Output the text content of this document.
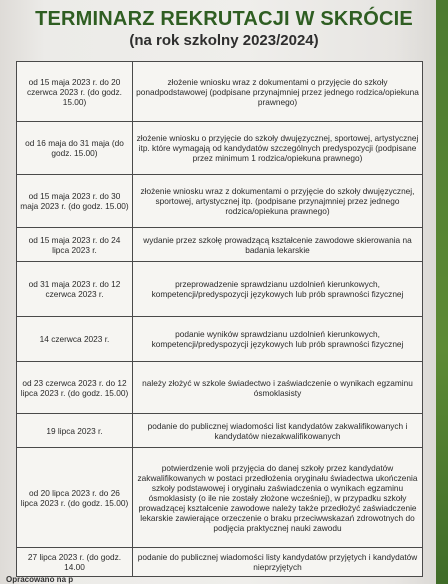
TERMINARZ REKRUTACJI W SKRÓCIE
(na rok szkolny 2023/2024)
od 15 maja 2023 r. do 20 czerwca 2023 r. (do godz. 15.00)	złożenie wniosku wraz z dokumentami o przyjęcie do szkoły ponadpodstawowej (podpisane przynajmniej przez jednego rodzica/opiekuna prawnego)
od 16 maja do 31 maja (do godz. 15.00)	złożenie wniosku o przyjęcie do szkoły dwujęzycznej, sportowej, artystycznej itp. które wymagają od kandydatów szczególnych predyspozycji (podpisane przez minimum 1 rodzica/opiekuna prawnego)
od 15 maja 2023 r. do 30 maja 2023 r. (do godz. 15.00)	złożenie wniosku wraz z dokumentami o przyjęcie do szkoły dwujęzycznej, sportowej, artystycznej itp. (podpisane przynajmniej przez jednego rodzica/opiekuna prawnego)
od 15 maja 2023 r. do 24 lipca 2023 r.	wydanie przez szkołę prowadzącą kształcenie zawodowe skierowania na badania lekarskie
od 31 maja 2023 r. do 12 czerwca 2023 r.	przeprowadzenie sprawdzianu uzdolnień kierunkowych, kompetencji/predyspozycji językowych lub prób sprawności fizycznej
14 czerwca 2023 r.	podanie wyników sprawdzianu uzdolnień kierunkowych, kompetencji/predyspozycji językowych lub prób sprawności fizycznej
od 23 czerwca 2023 r. do 12 lipca 2023 r. (do godz. 15.00)	należy złożyć w szkole świadectwo i zaświadczenie o wynikach egzaminu ósmoklasisty
19 lipca 2023 r.	podanie do publicznej wiadomości list kandydatów zakwalifikowanych i kandydatów niezakwalifikowanych
od 20 lipca 2023 r. do 26 lipca 2023 r. (do godz. 15.00)	potwierdzenie woli przyjęcia do danej szkoły przez kandydatów zakwalifikowanych w postaci przedłożenia oryginału świadectwa ukończenia szkoły podstawowej i oryginału zaświadczenia o wynikach egzaminu ósmoklasisty (o ile nie zostały złożone wcześniej), w przypadku szkoły prowadzącej kształcenie zawodowe należy także przedłożyć zaświadczenie lekarskie zawierające orzeczenie o braku przeciwwskazań zdrowotnych do podjęcia praktycznej nauki zawodu
27 lipca 2023 r. (do godz. 14.00	podanie do publicznej wiadomości listy kandydatów przyjętych i kandydatów nieprzyjętych
Opracowano na p
